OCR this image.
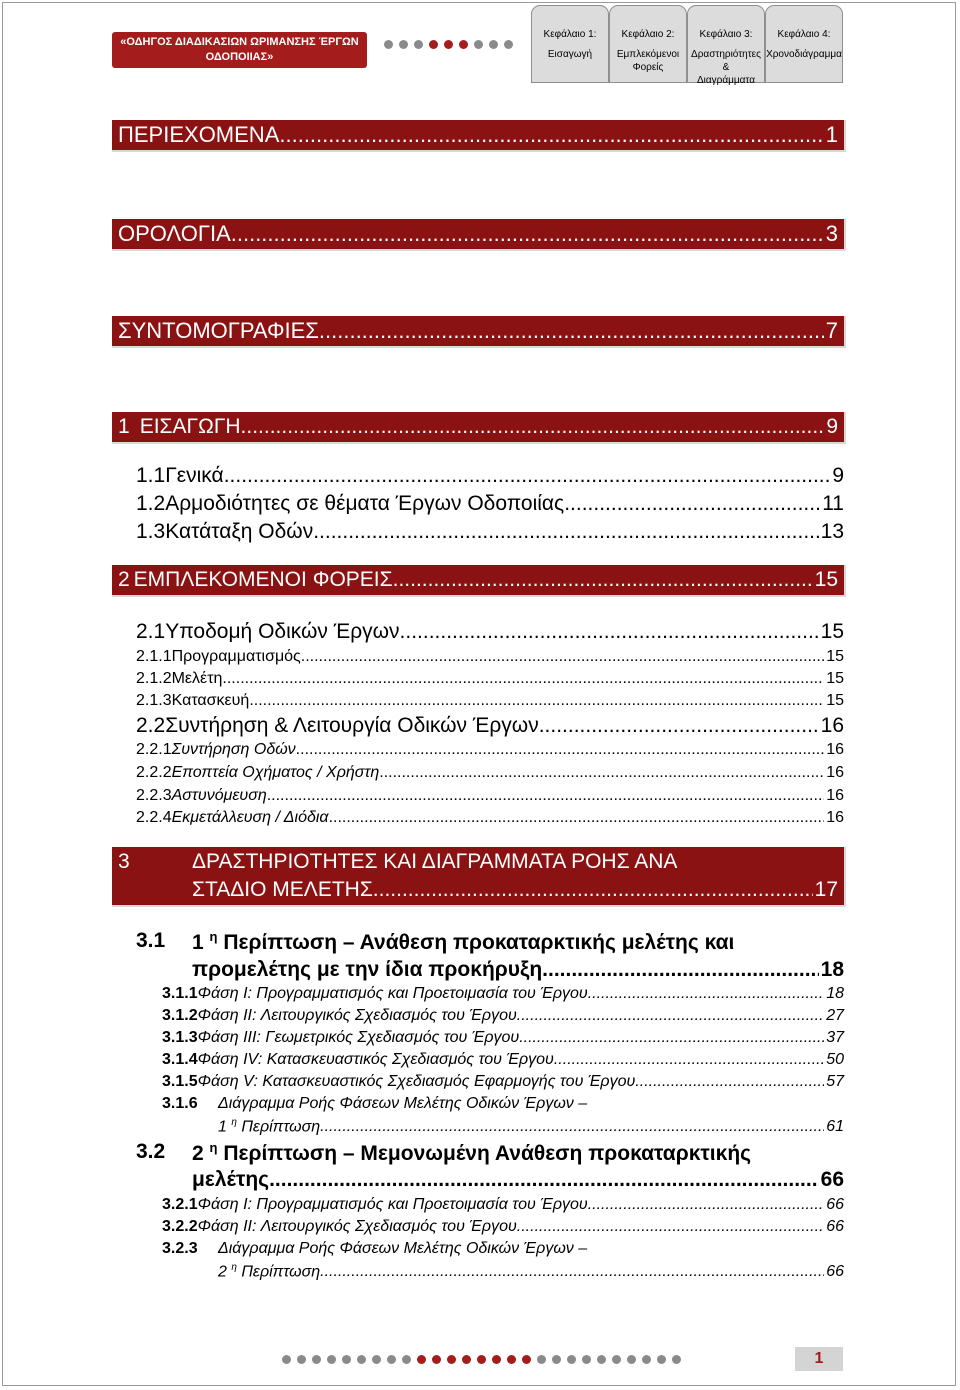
«ΟΔΗΓΟΣ ΔΙΑΔΙΚΑΣΙΩΝ ΩΡΙΜΑΝΣΗΣ ΈΡΓΩΝ
ΟΔΟΠΟΙΙΑΣ»
Κεφάλαιο 1:
Εισαγωγή
Κεφάλαιο 2:
Εμπλεκόμενοι
Φορείς
Κεφάλαιο 3:
Δραστηριότητες &
Διαγράμματα
Κεφάλαιο 4:
Χρονοδιάγραμμα
ΠΕΡΙΕΧΟΜΕΝΑ .....	1
ΟΡΟΛΟΓΙΑ .....	3
ΣΥΝΤΟΜΟΓΡΑΦΙΕΣ .....	7
1 ΕΙΣΑΓΩΓΗ .....	9
1.1 Γενικά .....	9
1.2 Αρμοδιότητες σε θέματα Έργων Οδοποιίας .....	11
1.3 Κατάταξη Οδών .....	13
2 ΕΜΠΛΕΚΟΜΕΝΟΙ ΦΟΡΕΙΣ .....	15
2.1 Υποδομή Οδικών Έργων .....	15
2.1.1 Προγραμματισμός .....	15
2.1.2 Μελέτη .....	15
2.1.3 Κατασκευή .....	15
2.2 Συντήρηση & Λειτουργία Οδικών Έργων .....	16
2.2.1 Συντήρηση Οδών .....	16
2.2.2 Εποπτεία Οχήματος / Χρήστη .....	16
2.2.3 Αστυνόμευση .....	16
2.2.4 Εκμετάλλευση / Διόδια .....	16
3	ΔΡΑΣΤΗΡΙΟΤΗΤΕΣ ΚΑΙ ΔΙΑΓΡΑΜΜΑΤΑ ΡΟΗΣ ΑΝΑ
ΣΤΑΔΙΟ ΜΕΛΕΤΗΣ .....	17
3.1 1 $^\eta$ Περίπτωση – Ανάθεση προκαταρκτικής μελέτης και
προμελέτης με την ίδια προκήρυξη .....	18
3.1.1 Φάση Ι: Προγραμματισμός και Προετοιμασία του Έργου .....	18
3.1.2 Φάση ΙΙ: Λειτουργικός Σχεδιασμός του Έργου .....	27
3.1.3 Φάση ΙΙΙ: Γεωμετρικός Σχεδιασμός του Έργου .....	37
3.1.4 Φάση IV: Κατασκευαστικός Σχεδιασμός του Έργου .....	50
3.1.5 Φάση V: Κατασκευαστικός Σχεδιασμός Εφαρμογής του Έργου .....	57
3.1.6 Διάγραμμα Ροής Φάσεων Μελέτης Οδικών Έργων –
1 $^\eta$ Περίπτωση .....	61
3.2 2 $^\eta$ Περίπτωση – Μεμονωμένη Ανάθεση προκαταρκτικής
μελέτης .....	66
3.2.1 Φάση Ι: Προγραμματισμός και Προετοιμασία του Έργου .....	66
3.2.2 Φάση ΙΙ: Λειτουργικός Σχεδιασμός του Έργου .....	66
3.2.3 Διάγραμμα Ροής Φάσεων Μελέτης Οδικών Έργων –
2 $^\eta$ Περίπτωση .....	66
1
